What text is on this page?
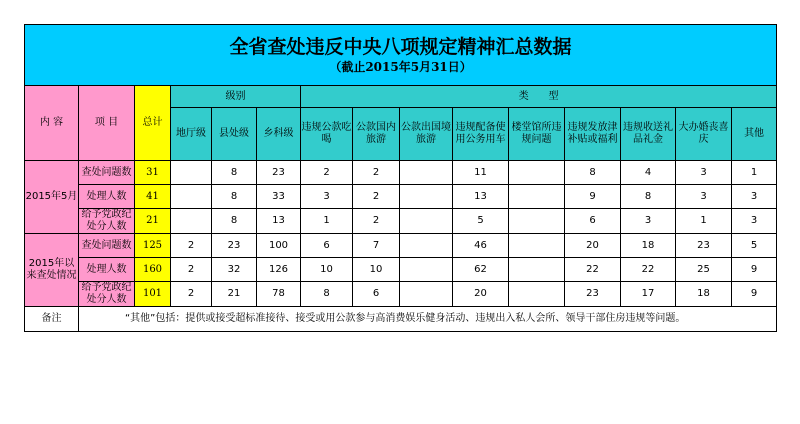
全省查处违反中央八项规定精神汇总数据
（截止2015年5月31日）														

内 容	项 目	总计	级别			类　　型								
			地厅级	县处级	乡科级	违规公款吃喝	公款国内旅游	公款出国境旅游	违规配备使用公务用车	楼堂馆所违规问题	违规发放津补贴或福利	违规收送礼品礼金	大办婚丧喜庆	其他
2015年5月	查处问题数	31		8	23	2	2		11		8	4	3	1
	处理人数	41		8	33	3	2		13		9	8	3	3
	给予党政纪处分人数	21		8	13	1	2		5		6	3	1	3
2015年以来查处情况	查处问题数	125	2	23	100	6	7		46		20	18	23	5
	处理人数	160	2	32	126	10	10		62		22	22	25	9
	给予党政纪处分人数	101	2	21	78	8	6		20		23	17	18	9
备注	“其他”包括：提供或接受超标准接待、接受或用公款参与高消费娱乐健身活动、违规出入私人会所、领导干部住房违规等问题。													
